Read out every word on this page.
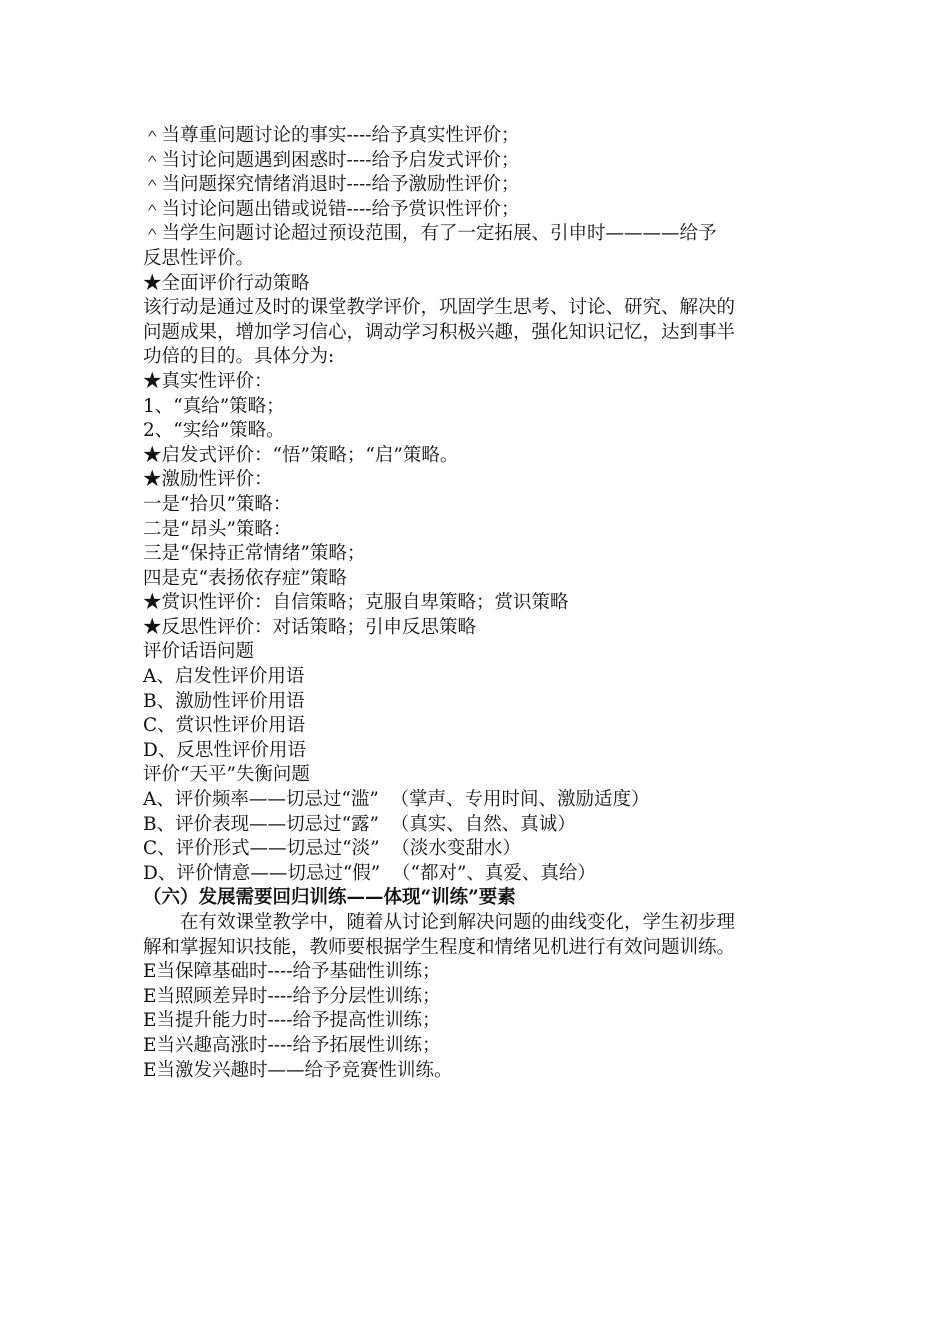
＾当尊重问题讨论的事实----给予真实性评价；
＾当讨论问题遇到困惑时----给予启发式评价；
＾当问题探究情绪消退时----给予激励性评价；
＾当讨论问题出错或说错----给予赏识性评价；
＾当学生问题讨论超过预设范围，有了一定拓展、引申时————给予
反思性评价。
★全面评价行动策略
该行动是通过及时的课堂教学评价，巩固学生思考、讨论、研究、解决的
问题成果，增加学习信心，调动学习积极兴趣，强化知识记忆，达到事半
功倍的目的。具体分为:
★真实性评价：
1、“真给”策略；
2、“实给”策略。
★启发式评价：“悟”策略；“启”策略。
★激励性评价：
一是“拾贝”策略：
二是“昂头”策略：
三是“保持正常情绪”策略；
四是克“表扬依存症”策略
★赏识性评价：自信策略；克服自卑策略；赏识策略
★反思性评价：对话策略；引申反思策略
评价话语问题
A、启发性评价用语
B、激励性评价用语
C、赏识性评价用语
D、反思性评价用语
评价“天平”失衡问题
A、评价频率——切忌过“滥”  （掌声、专用时间、激励适度）
B、评价表现——切忌过“露”  （真实、自然、真诚）
C、评价形式——切忌过“淡”  （淡水变甜水）
D、评价情意——切忌过“假”  （“都对”、真爱、真给）
（六）发展需要回归训练——体现“训练”要素
在有效课堂教学中，随着从讨论到解决问题的曲线变化，学生初步理
解和掌握知识技能，教师要根据学生程度和情绪见机进行有效问题训练。
E当保障基础时----给予基础性训练；
E当照顾差异时----给予分层性训练；
E当提升能力时----给予提高性训练；
E当兴趣高涨时----给予拓展性训练；
E当激发兴趣时——给予竞赛性训练。
